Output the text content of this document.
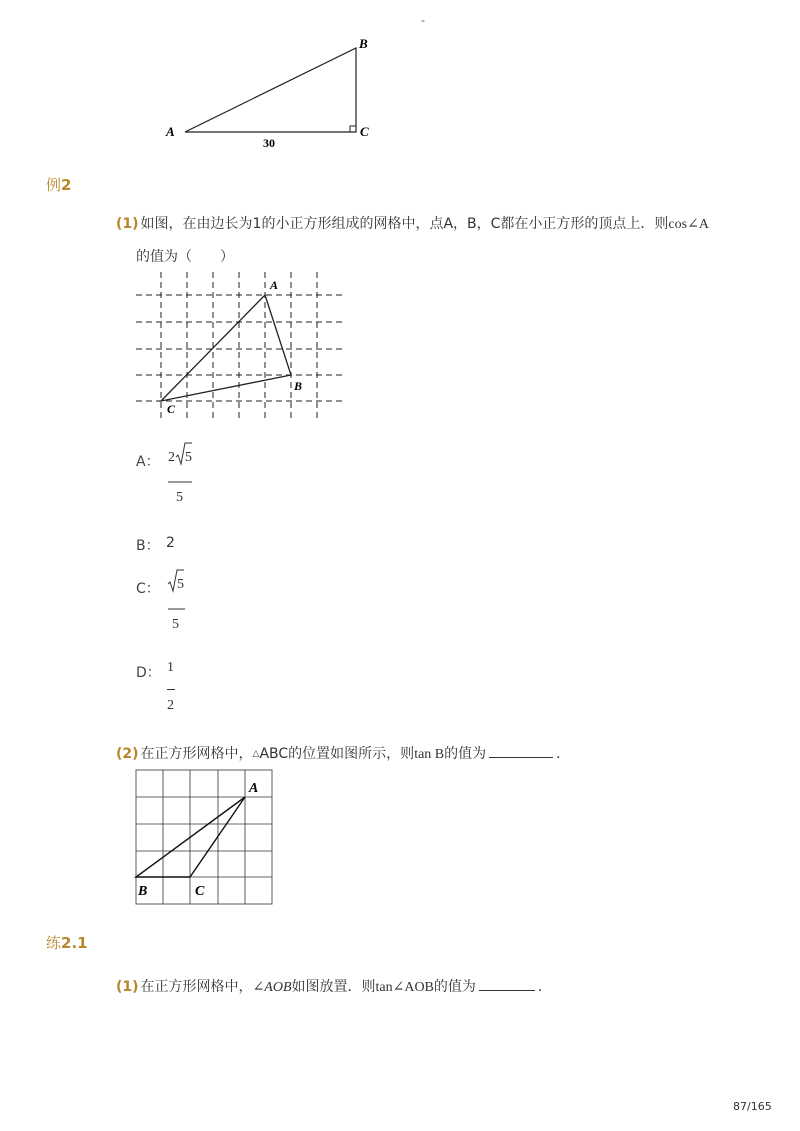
-
B
A	C
30
例2
(1) 如图，在由边长为1的小正方形组成的网格中，点A，B，C都在小正方形的顶点上．则cos∠A
的值为（　　）
A
B
C
A： 2 5
5
B： 2
C： 5
5
D： 1
2
(2) 在正方形网格中，△ABC的位置如图所示，则tan B的值为	．
A
B	C
练2.1
(1) 在正方形网格中，∠AOB如图放置．则tan∠AOB的值为	．
87/165
